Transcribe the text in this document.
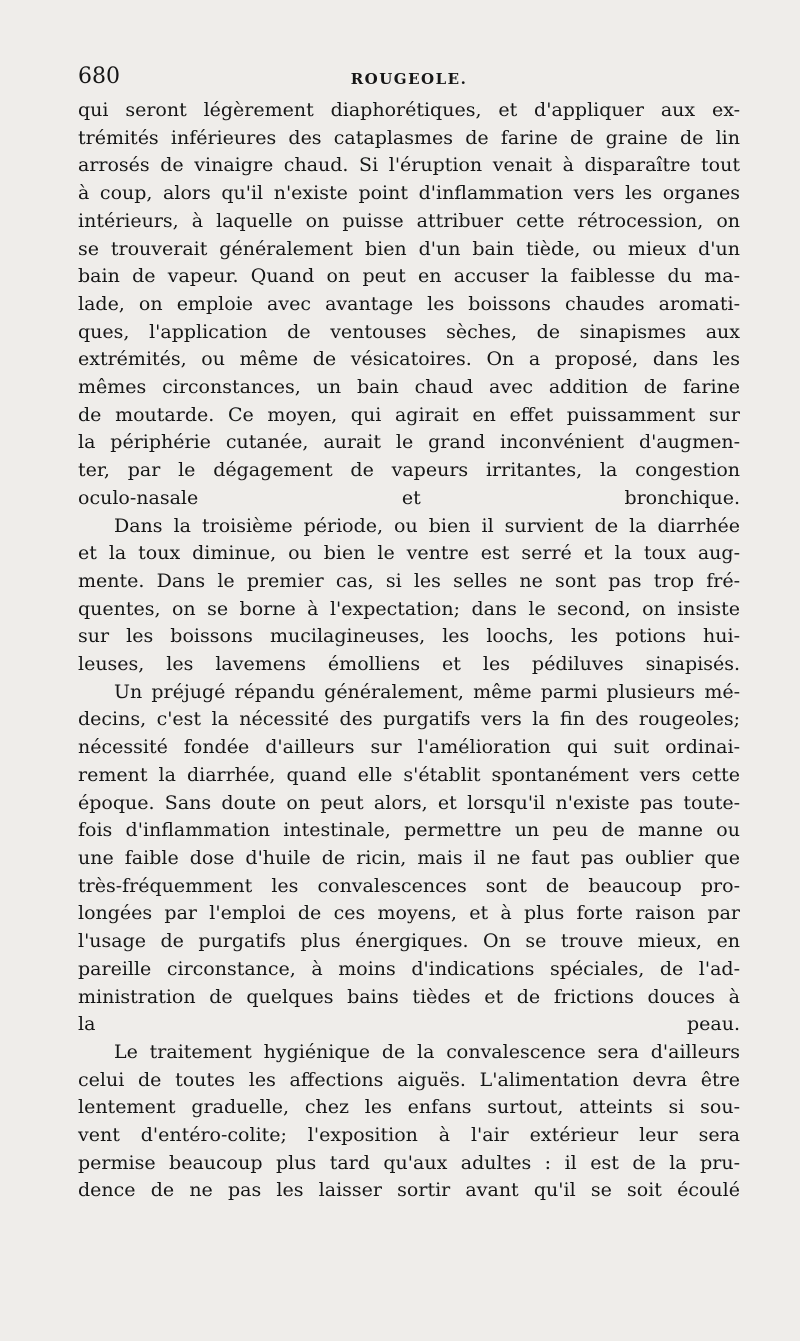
680	ROUGEOLE.

qui seront légèrement diaphorétiques, et d'appliquer aux ex-
trémités inférieures des cataplasmes de farine de graine de lin
arrosés de vinaigre chaud. Si l'éruption venait à disparaître tout
à coup, alors qu'il n'existe point d'inflammation vers les organes
intérieurs, à laquelle on puisse attribuer cette rétrocession, on
se trouverait généralement bien d'un bain tiède, ou mieux d'un
bain de vapeur. Quand on peut en accuser la faiblesse du ma-
lade, on emploie avec avantage les boissons chaudes aromati-
ques, l'application de ventouses sèches, de sinapismes aux
extrémités, ou même de vésicatoires. On a proposé, dans les
mêmes circonstances, un bain chaud avec addition de farine
de moutarde. Ce moyen, qui agirait en effet puissamment sur
la périphérie cutanée, aurait le grand inconvénient d'augmen-
ter, par le dégagement de vapeurs irritantes, la congestion
oculo-nasale et bronchique.

Dans la troisième période, ou bien il survient de la diarrhée
et la toux diminue, ou bien le ventre est serré et la toux aug-
mente. Dans le premier cas, si les selles ne sont pas trop fré-
quentes, on se borne à l'expectation; dans le second, on insiste
sur les boissons mucilagineuses, les loochs, les potions hui-
leuses, les lavemens émolliens et les pédiluves sinapisés.

Un préjugé répandu généralement, même parmi plusieurs mé-
decins, c'est la nécessité des purgatifs vers la fin des rougeoles;
nécessité fondée d'ailleurs sur l'amélioration qui suit ordinai-
rement la diarrhée, quand elle s'établit spontanément vers cette
époque. Sans doute on peut alors, et lorsqu'il n'existe pas toute-
fois d'inflammation intestinale, permettre un peu de manne ou
une faible dose d'huile de ricin, mais il ne faut pas oublier que
très-fréquemment les convalescences sont de beaucoup pro-
longées par l'emploi de ces moyens, et à plus forte raison par
l'usage de purgatifs plus énergiques. On se trouve mieux, en
pareille circonstance, à moins d'indications spéciales, de l'ad-
ministration de quelques bains tièdes et de frictions douces à
la peau.

Le traitement hygiénique de la convalescence sera d'ailleurs
celui de toutes les affections aiguës. L'alimentation devra être
lentement graduelle, chez les enfans surtout, atteints si sou-
vent d'entéro-colite; l'exposition à l'air extérieur leur sera
permise beaucoup plus tard qu'aux adultes : il est de la pru-
dence de ne pas les laisser sortir avant qu'il se soit écoulé
